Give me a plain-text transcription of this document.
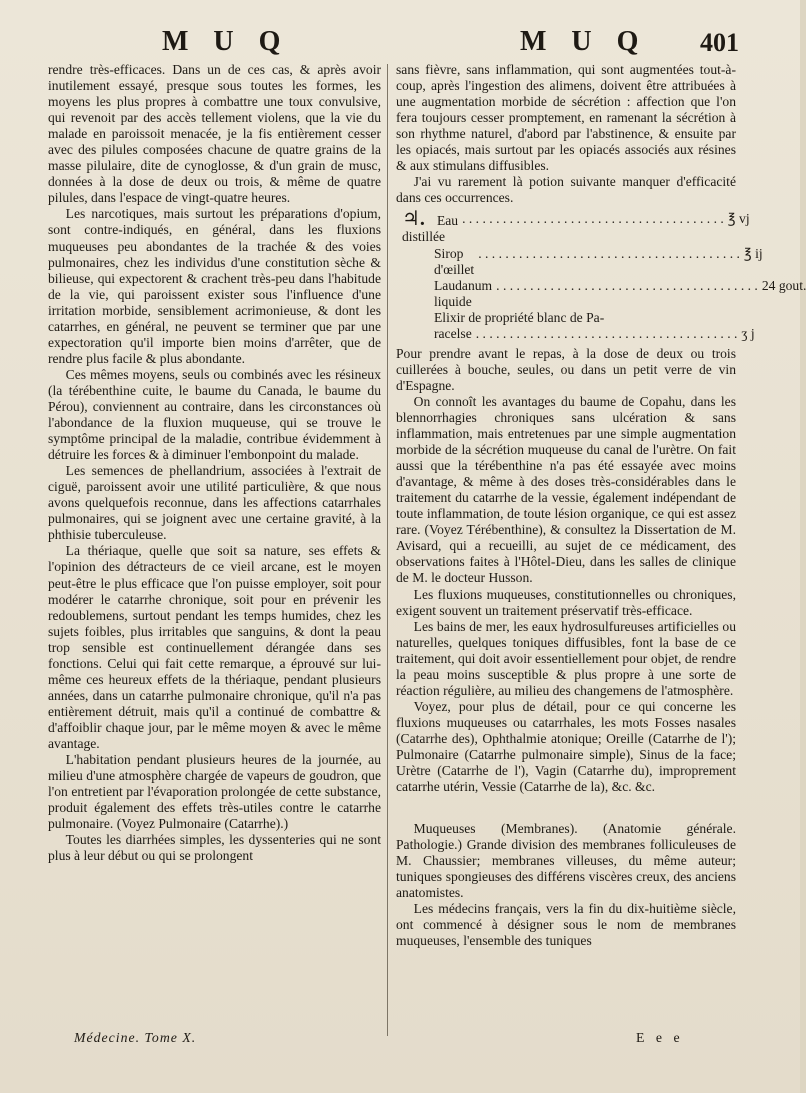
M U Q	M U Q 401

rendre très-efficaces. Dans un de ces cas, & après avoir inutilement essayé, presque sous toutes les formes, les moyens les plus propres à combattre une toux convulsive, qui revenoit par des accès tellement violens, que la vie du malade en paroissoit menacée, je la fis entièrement cesser avec des pilules composées chacune de quatre grains de la masse pilulaire, dite de cynoglosse, & d'un grain de musc, données à la dose de deux ou trois, & même de quatre pilules, dans l'espace de vingt-quatre heures.

Les narcotiques, mais surtout les préparations d'opium, sont contre-indiqués, en général, dans les fluxions muqueuses peu abondantes de la trachée & des voies pulmonaires, chez les individus d'une constitution sèche & bilieuse, qui expectorent & crachent très-peu dans l'habitude de la vie, qui paroissent exister sous l'influence d'une irritation morbide, sensiblement acrimonieuse, & dont les catarrhes, en général, ne peuvent se terminer que par une expectoration qu'il importe bien moins d'arrêter, que de rendre plus facile & plus abondante.

Ces mêmes moyens, seuls ou combinés avec les résineux (la térébenthine cuite, le baume du Canada, le baume du Pérou), conviennent au contraire, dans les circonstances où l'abondance de la fluxion muqueuse, qui se trouve le symptôme principal de la maladie, contribue évidemment à détruire les forces & à diminuer l'embonpoint du malade.

Les semences de phellandrium, associées à l'extrait de ciguë, paroissent avoir une utilité particulière, & que nous avons quelquefois reconnue, dans les affections catarrhales pulmonaires, qui se joignent avec une certaine gravité, à la phthisie tuberculeuse.

La thériaque, quelle que soit sa nature, ses effets & l'opinion des détracteurs de ce vieil arcane, est le moyen peut-être le plus efficace que l'on puisse employer, soit pour modérer le catarrhe chronique, soit pour en prévenir les redoublemens, surtout pendant les temps humides, chez les sujets foibles, plus irritables que sanguins, & dont la peau trop sensible est continuellement dérangée dans ses fonctions. Celui qui fait cette remarque, a éprouvé sur lui-même ces heureux effets de la thériaque, pendant plusieurs années, dans un catarrhe pulmonaire chronique, qu'il n'a pas entièrement détruit, mais qu'il a continué de combattre & d'affoiblir chaque jour, par le même moyen & avec le même avantage.

L'habitation pendant plusieurs heures de la journée, au milieu d'une atmosphère chargée de vapeurs de goudron, que l'on entretient par l'évaporation prolongée de cette substance, produit également des effets très-utiles contre le catarrhe pulmonaire. (Voyez Pulmonaire (Catarrhe).)

Toutes les diarrhées simples, les dyssenteries qui ne sont plus à leur début ou qui se prolongent

sans fièvre, sans inflammation, qui sont augmentées tout-à-coup, après l'ingestion des alimens, doivent être attribuées à une augmentation morbide de sécrétion : affection que l'on fera toujours cesser promptement, en ramenant la sécrétion à son rhythme naturel, d'abord par l'abstinence, & ensuite par les opiacés, mais surtout par les opiacés associés aux résines & aux stimulans diffusibles.

J'ai vu rarement là potion suivante manquer d'efficacité dans ces occurrences.

♃. Eau distillée
. . . . . . . . . . . . . . . . . . . . . . . . . . . . . . . . . . . . . . . ℥ vj
Sirop d'œillet
. . . . . . . . . . . . . . . . . . . . . . . . . . . . . . . . . . . . . . . ℥ ij
Laudanum liquide
. . . . . . . . . . . . . . . . . . . . . . . . . . . . . . . . . . . . . . . 24 gout.
Elixir de propriété blanc de Pa-
racelse . . . . . . . . . . . . . . . . . . . . . . . . . . . . . . . . . . . . . . . ʒ j

Pour prendre avant le repas, à la dose de deux ou trois cuillerées à bouche, seules, ou dans un petit verre de vin d'Espagne.

On connoît les avantages du baume de Copahu, dans les blennorrhagies chroniques sans ulcération & sans inflammation, mais entretenues par une simple augmentation morbide de la sécrétion muqueuse du canal de l'urètre. On fait aussi que la térébenthine n'a pas été essayée avec moins d'avantage, & même à des doses très-considérables dans le traitement du catarrhe de la vessie, également indépendant de toute inflammation, de toute lésion organique, ce qui est assez rare. (Voyez Térébenthine), & consultez la Dissertation de M. Avisard, qui a recueilli, au sujet de ce médicament, des observations faites à l'Hôtel-Dieu, dans les salles de clinique de M. le docteur Husson.

Les fluxions muqueuses, constitutionnelles ou chroniques, exigent souvent un traitement préservatif très-efficace.

Les bains de mer, les eaux hydrosulfureuses artificielles ou naturelles, quelques toniques diffusibles, font la base de ce traitement, qui doit avoir essentiellement pour objet, de rendre la peau moins susceptible & plus propre à une sorte de réaction régulière, au milieu des changemens de l'atmosphère.

Voyez, pour plus de détail, pour ce qui concerne les fluxions muqueuses ou catarrhales, les mots Fosses nasales (Catarrhe des), Ophthalmie atonique; Oreille (Catarrhe de l'); Pulmonaire (Catarrhe pulmonaire simple), Sinus de la face; Urètre (Catarrhe de l'), Vagin (Catarrhe du), improprement catarrhe utérin, Vessie (Catarrhe de la), &c. &c.

Muqueuses (Membranes). (Anatomie générale. Pathologie.) Grande division des membranes folliculeuses de M. Chaussier; membranes villeuses, du même auteur; tuniques spongieuses des différens viscères creux, des anciens anatomistes.

Les médecins français, vers la fin du dix-huitième siècle, ont commencé à désigner sous le nom de membranes muqueuses, l'ensemble des tuniques

Médecine. Tome X.	E e e
